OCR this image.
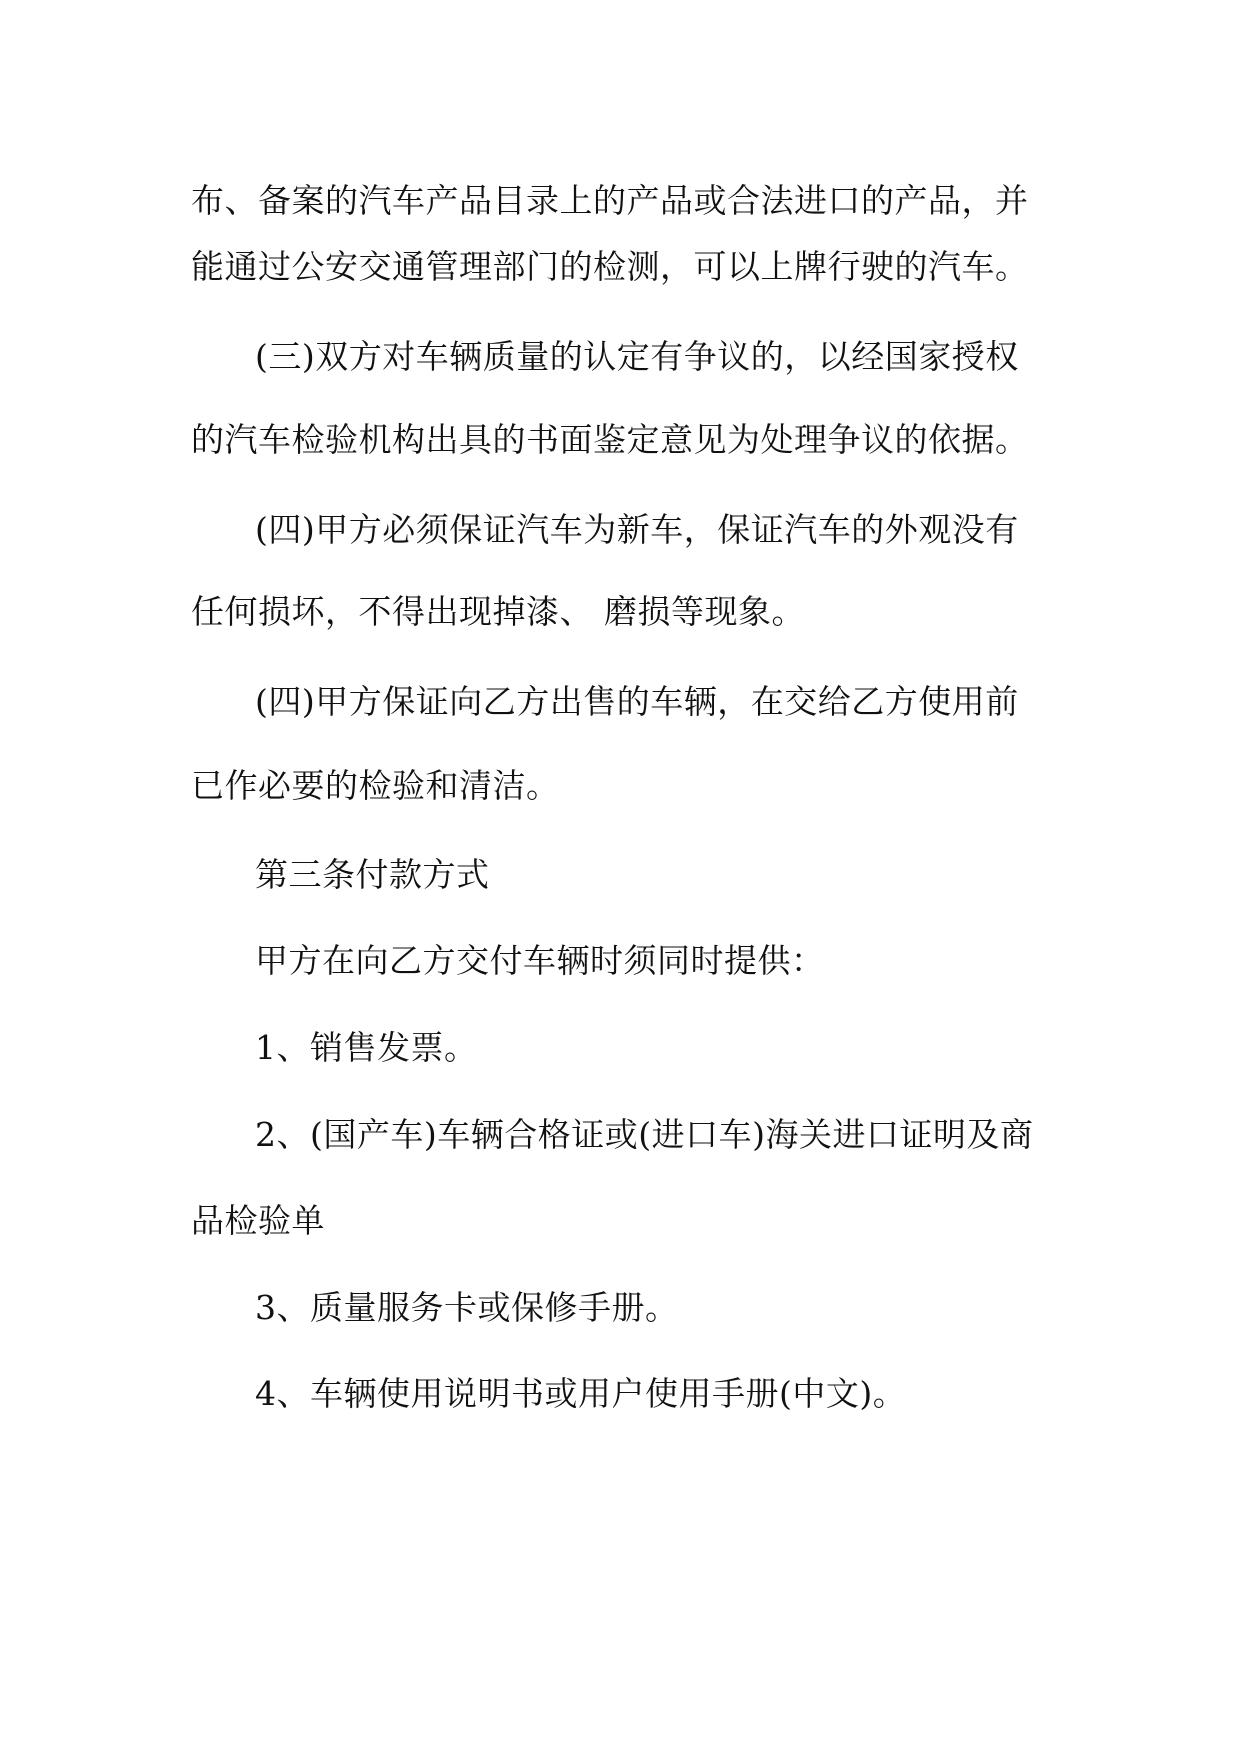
布、备案的汽车产品目录上的产品或合法进口的产品，并

能通过公安交通管理部门的检测，可以上牌行驶的汽车。

(三)双方对车辆质量的认定有争议的，以经国家授权

的汽车检验机构出具的书面鉴定意见为处理争议的依据。

(四)甲方必须保证汽车为新车，保证汽车的外观没有

任何损坏，不得出现掉漆、 磨损等现象。

(四)甲方保证向乙方出售的车辆，在交给乙方使用前

已作必要的检验和清洁。

第三条付款方式

甲方在向乙方交付车辆时须同时提供：

1、销售发票。

2、(国产车)车辆合格证或(进口车)海关进口证明及商

品检验单

3、质量服务卡或保修手册。

4、车辆使用说明书或用户使用手册(中文)。
